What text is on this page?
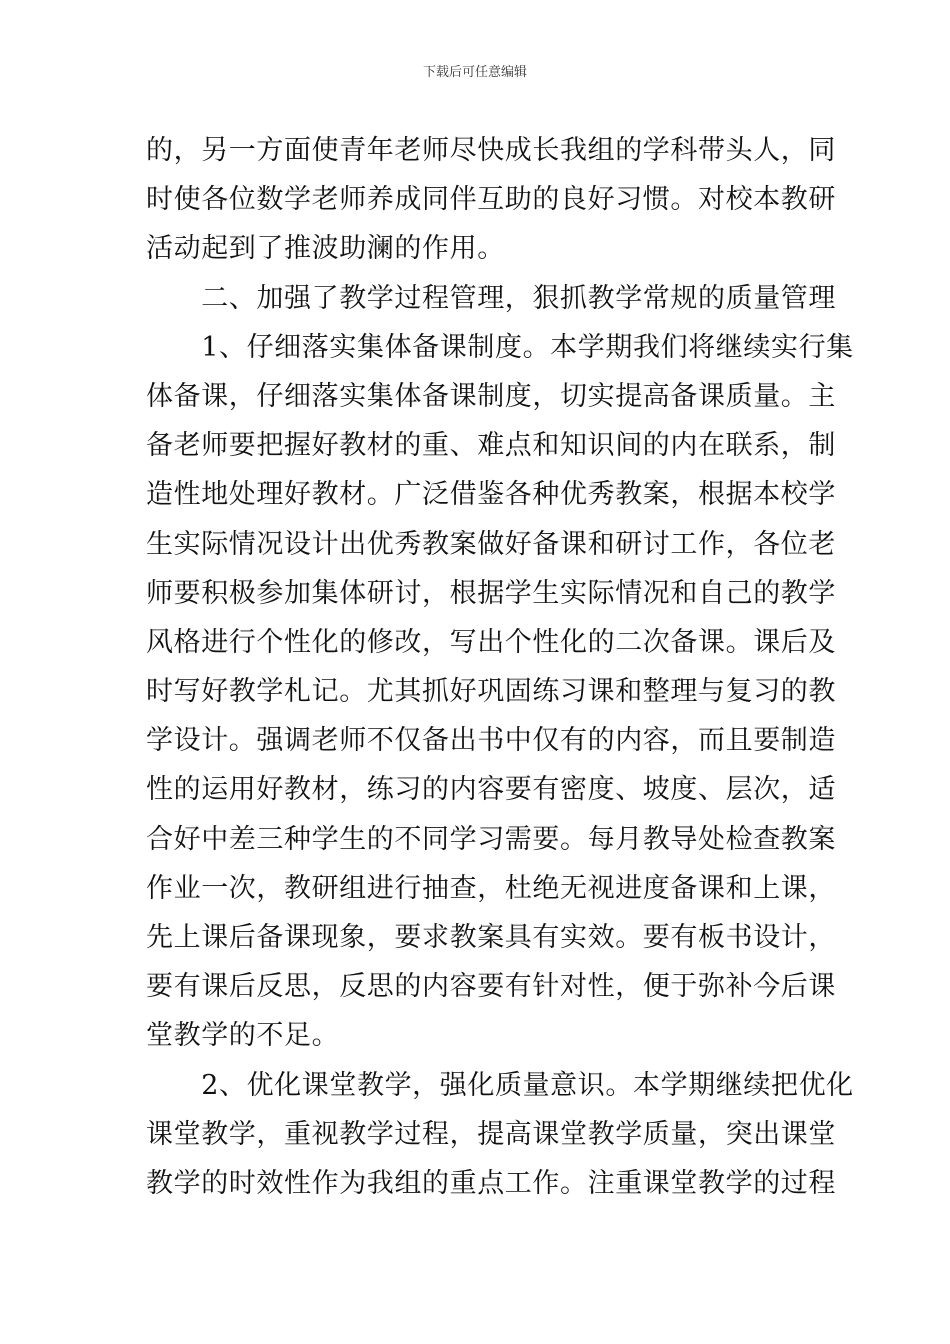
下载后可任意编辑
的，另一方面使青年老师尽快成长我组的学科带头人，同
时使各位数学老师养成同伴互助的良好习惯。对校本教研
活动起到了推波助澜的作用。
　　二、加强了教学过程管理，狠抓教学常规的质量管理
　　1、仔细落实集体备课制度。本学期我们将继续实行集
体备课，仔细落实集体备课制度，切实提高备课质量。主
备老师要把握好教材的重、难点和知识间的内在联系，制
造性地处理好教材。广泛借鉴各种优秀教案，根据本校学
生实际情况设计出优秀教案做好备课和研讨工作，各位老
师要积极参加集体研讨，根据学生实际情况和自己的教学
风格进行个性化的修改，写出个性化的二次备课。课后及
时写好教学札记。尤其抓好巩固练习课和整理与复习的教
学设计。强调老师不仅备出书中仅有的内容，而且要制造
性的运用好教材，练习的内容要有密度、坡度、层次，适
合好中差三种学生的不同学习需要。每月教导处检查教案
作业一次，教研组进行抽查，杜绝无视进度备课和上课，
先上课后备课现象，要求教案具有实效。要有板书设计，
要有课后反思，反思的内容要有针对性，便于弥补今后课
堂教学的不足。
　　2、优化课堂教学，强化质量意识。本学期继续把优化
课堂教学，重视教学过程，提高课堂教学质量，突出课堂
教学的时效性作为我组的重点工作。注重课堂教学的过程
